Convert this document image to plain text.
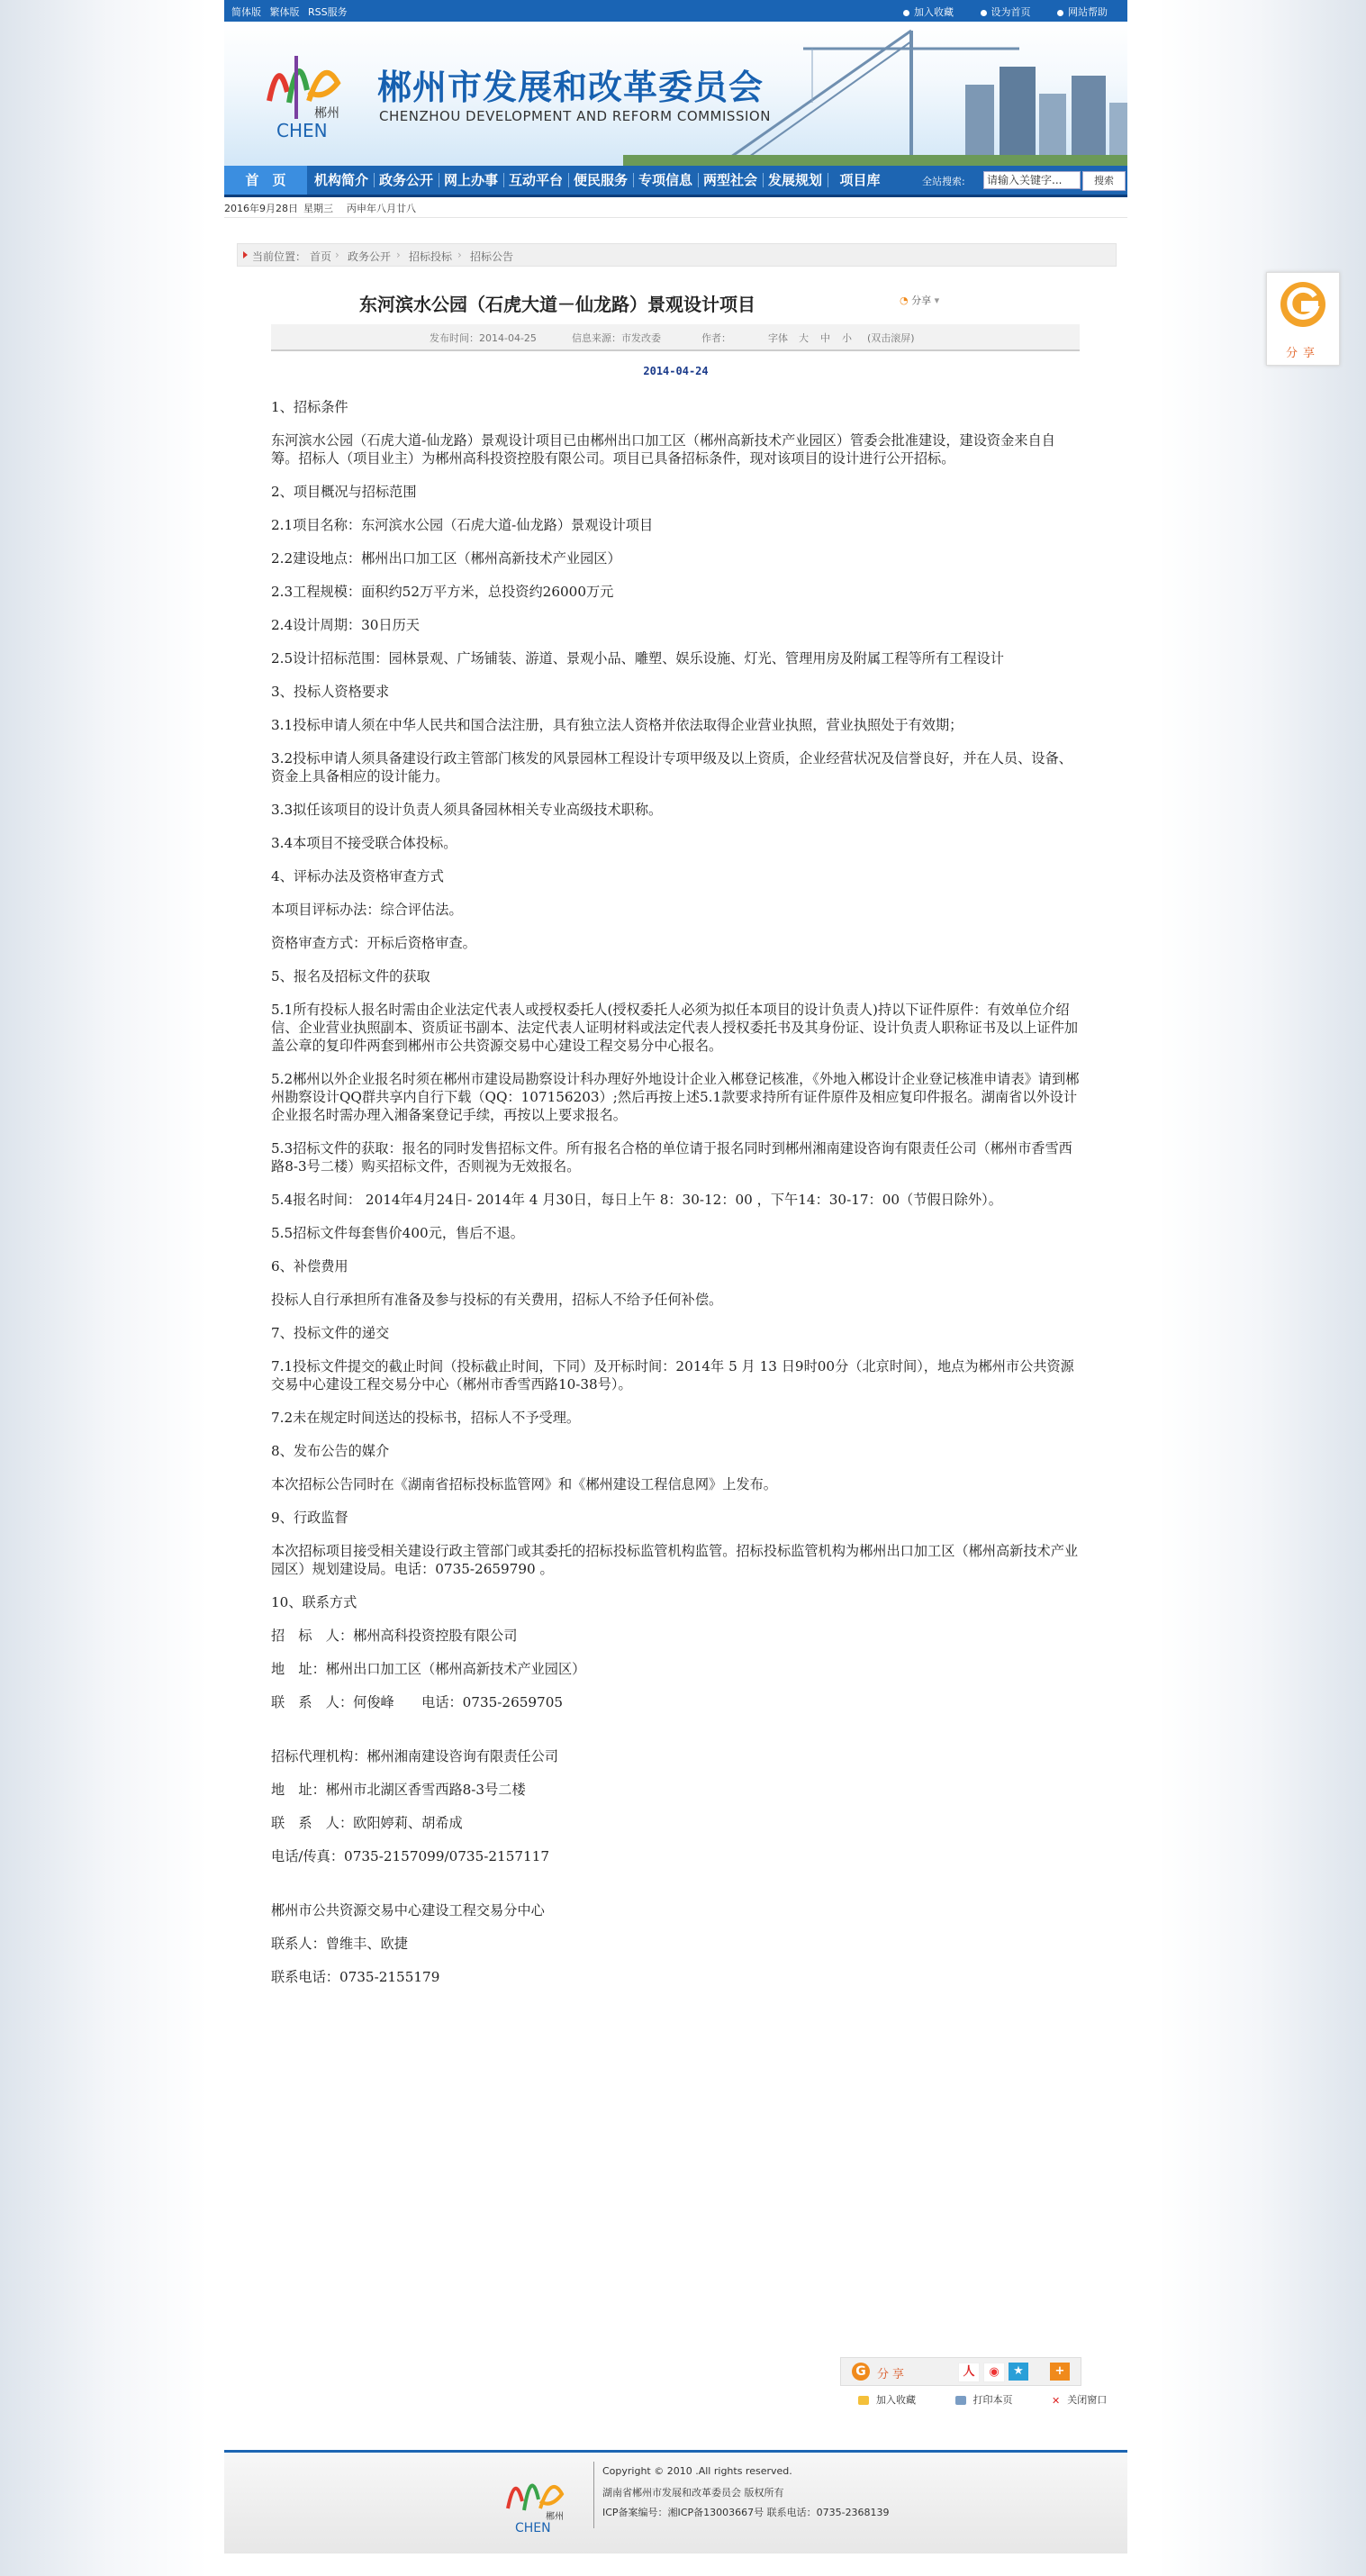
分享
简体版 繁体版 RSS服务	加入收藏	设为首页	网站帮助
郴州
CHEN
郴州市发展和改革委员会
CHENZHOU DEVELOPMENT AND REFORM COMMISSION
首　页	机构简介 政务公开 网上办事 互动平台 便民服务 专项信息 两型社会 发展规划	项目库	全站搜索:	请输入关键字...	搜索
2016年9月28日 星期三 丙申年八月廿八
当前位置： 首页 › 政务公开 › 招标投标 › 招标公告
东河滨水公园（石虎大道－仙龙路）景观设计项目	◔ 分享 ▾
发布时间：2014-04-25	信息来源：市发改委	作者：	字体 大 中 小 (双击滚屏)
2014-04-24

1、招标条件

东河滨水公园（石虎大道-仙龙路）景观设计项目已由郴州出口加工区（郴州高新技术产业园区）管委会批准建设，建设资金来自自筹。招标人（项目业主）为郴州高科投资控股有限公司。项目已具备招标条件，现对该项目的设计进行公开招标。

2、项目概况与招标范围

2.1项目名称：东河滨水公园（石虎大道-仙龙路）景观设计项目

2.2建设地点：郴州出口加工区（郴州高新技术产业园区）

2.3工程规模：面积约52万平方米，总投资约26000万元

2.4设计周期：30日历天

2.5设计招标范围：园林景观、广场铺装、游道、景观小品、雕塑、娱乐设施、灯光、管理用房及附属工程等所有工程设计

3、投标人资格要求

3.1投标申请人须在中华人民共和国合法注册，具有独立法人资格并依法取得企业营业执照，营业执照处于有效期；

3.2投标申请人须具备建设行政主管部门核发的风景园林工程设计专项甲级及以上资质，企业经营状况及信誉良好，并在人员、设备、资金上具备相应的设计能力。

3.3拟任该项目的设计负责人须具备园林相关专业高级技术职称。

3.4本项目不接受联合体投标。

4、评标办法及资格审查方式

本项目评标办法：综合评估法。

资格审查方式：开标后资格审查。

5、报名及招标文件的获取

5.1所有投标人报名时需由企业法定代表人或授权委托人(授权委托人必须为拟任本项目的设计负责人)持以下证件原件：有效单位介绍信、企业营业执照副本、资质证书副本、法定代表人证明材料或法定代表人授权委托书及其身份证、设计负责人职称证书及以上证件加盖公章的复印件两套到郴州市公共资源交易中心建设工程交易分中心报名。

5.2郴州以外企业报名时须在郴州市建设局勘察设计科办理好外地设计企业入郴登记核准，《外地入郴设计企业登记核准申请表》请到郴州勘察设计QQ群共享内自行下载（QQ：107156203）;然后再按上述5.1款要求持所有证件原件及相应复印件报名。湖南省以外设计企业报名时需办理入湘备案登记手续，再按以上要求报名。

5.3招标文件的获取：报名的同时发售招标文件。所有报名合格的单位请于报名同时到郴州湘南建设咨询有限责任公司（郴州市香雪西路8-3号二楼）购买招标文件，否则视为无效报名。

5.4报名时间： 2014年4月24日- 2014年 4 月30日，每日上午 8：30-12：00 ，下午14：30-17：00（节假日除外）。

5.5招标文件每套售价400元，售后不退。

6、补偿费用

投标人自行承担所有准备及参与投标的有关费用，招标人不给予任何补偿。

7、投标文件的递交

7.1投标文件提交的截止时间（投标截止时间，下同）及开标时间：2014年 5 月 13 日9时00分（北京时间），地点为郴州市公共资源交易中心建设工程交易分中心（郴州市香雪西路10-38号）。

7.2未在规定时间送达的投标书，招标人不予受理。

8、发布公告的媒介

本次招标公告同时在《湖南省招标投标监管网》和《郴州建设工程信息网》上发布。

9、行政监督

本次招标项目接受相关建设行政主管部门或其委托的招标投标监管机构监管。招标投标监管机构为郴州出口加工区（郴州高新技术产业园区）规划建设局。电话：0735-2659790 。

10、联系方式

招　标　人：郴州高科投资控股有限公司

地　址：郴州出口加工区（郴州高新技术产业园区）

联　系　人：何俊峰　　电话：0735-2659705

招标代理机构：郴州湘南建设咨询有限责任公司

地　址：郴州市北湖区香雪西路8-3号二楼

联　系　人：欧阳婷莉、胡希成

电话/传真：0735-2157099/0735-2157117

郴州市公共资源交易中心建设工程交易分中心

联系人：曾维丰、欧捷

联系电话：0735-2155179

G 分享	人	◉	★	+
加入收藏	打印本页	✕ 关闭窗口
郴州
CHEN
Copyright © 2010 .All rights reserved.
湖南省郴州市发展和改革委员会 版权所有
ICP备案编号：湘ICP备13003667号 联系电话：0735-2368139
